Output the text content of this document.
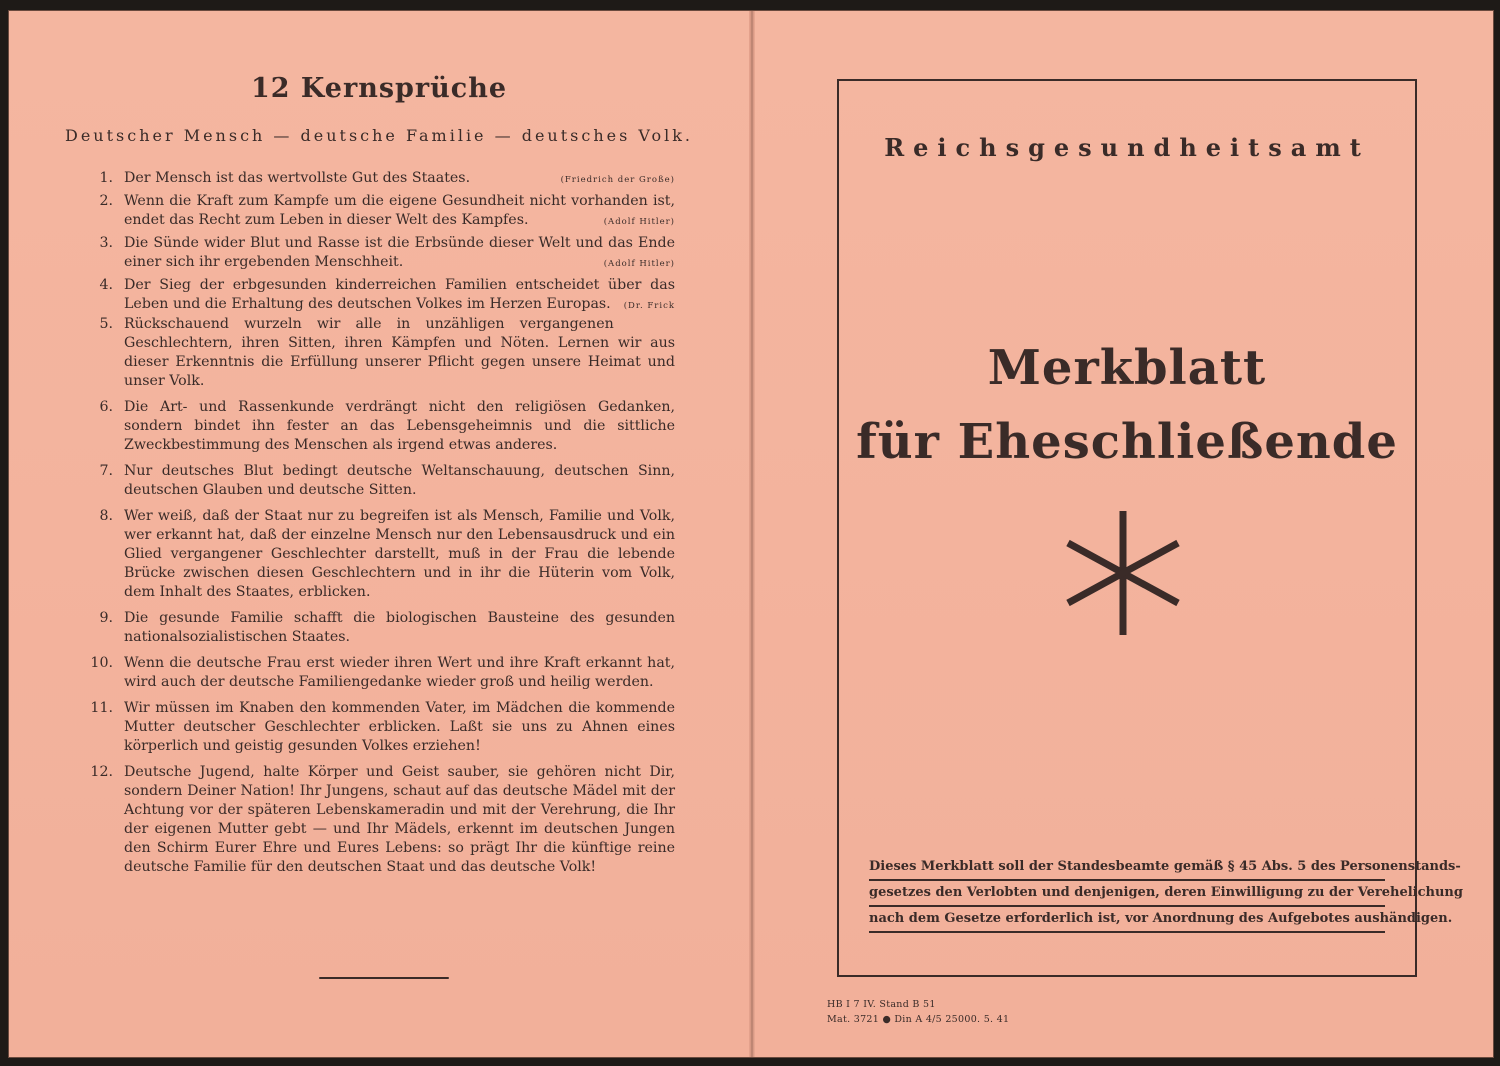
12 Kernsprüche
Deutscher Mensch — deutsche Familie — deutsches Volk.
1. Der Mensch ist das wertvollste Gut des Staates.	(Friedrich der Große)
2. Wenn die Kraft zum Kampfe um die eigene Gesundheit nicht vorhanden ist, endet das Recht zum Leben in dieser Welt des Kampfes.	(Adolf Hitler)
3. Die Sünde wider Blut und Rasse ist die Erbsünde dieser Welt und das Ende einer sich ihr ergebenden Menschheit.	(Adolf Hitler)
4. Der Sieg der erbgesunden kinderreichen Familien entscheidet über das Leben und die Erhaltung des deutschen Volkes im Herzen Europas. (Dr. Frick
5. Rückschauend wurzeln wir alle in unzähligen vergangenen Geschlechtern, ihren Sitten, ihren Kämpfen und Nöten. Lernen wir aus dieser Erkenntnis die Erfüllung unserer Pflicht gegen unsere Heimat und unser Volk.
6. Die Art- und Rassenkunde verdrängt nicht den religiösen Gedanken, sondern bindet ihn fester an das Lebensgeheimnis und die sittliche Zweckbestimmung des Menschen als irgend etwas anderes.
7. Nur deutsches Blut bedingt deutsche Weltanschauung, deutschen Sinn, deutschen Glauben und deutsche Sitten.
8. Wer weiß, daß der Staat nur zu begreifen ist als Mensch, Familie und Volk, wer erkannt hat, daß der einzelne Mensch nur den Lebensausdruck und ein Glied vergangener Geschlechter darstellt, muß in der Frau die lebende Brücke zwischen diesen Geschlechtern und in ihr die Hüterin vom Volk, dem Inhalt des Staates, erblicken.
9. Die gesunde Familie schafft die biologischen Bausteine des gesunden nationalsozialistischen Staates.
10. Wenn die deutsche Frau erst wieder ihren Wert und ihre Kraft erkannt hat, wird auch der deutsche Familiengedanke wieder groß und heilig werden.
11. Wir müssen im Knaben den kommenden Vater, im Mädchen die kommende Mutter deutscher Geschlechter erblicken. Laßt sie uns zu Ahnen eines körperlich und geistig gesunden Volkes erziehen!
12. Deutsche Jugend, halte Körper und Geist sauber, sie gehören nicht Dir, sondern Deiner Nation! Ihr Jungens, schaut auf das deutsche Mädel mit der Achtung vor der späteren Lebenskameradin und mit der Verehrung, die Ihr der eigenen Mutter gebt — und Ihr Mädels, erkennt im deutschen Jungen den Schirm Eurer Ehre und Eures Lebens: so prägt Ihr die künftige reine deutsche Familie für den deutschen Staat und das deutsche Volk!
Reichsgesundheitsamt
Merkblatt
für Eheschließende
Dieses Merkblatt soll der Standesbeamte gemäß § 45 Abs. 5 des Personenstands-
gesetzes den Verlobten und denjenigen, deren Einwilligung zu der Verehelichung
nach dem Gesetze erforderlich ist, vor Anordnung des Aufgebotes aushändigen.
HB I 7 IV. Stand B 51
Mat. 3721 ● Din A 4/5 25000. 5. 41
